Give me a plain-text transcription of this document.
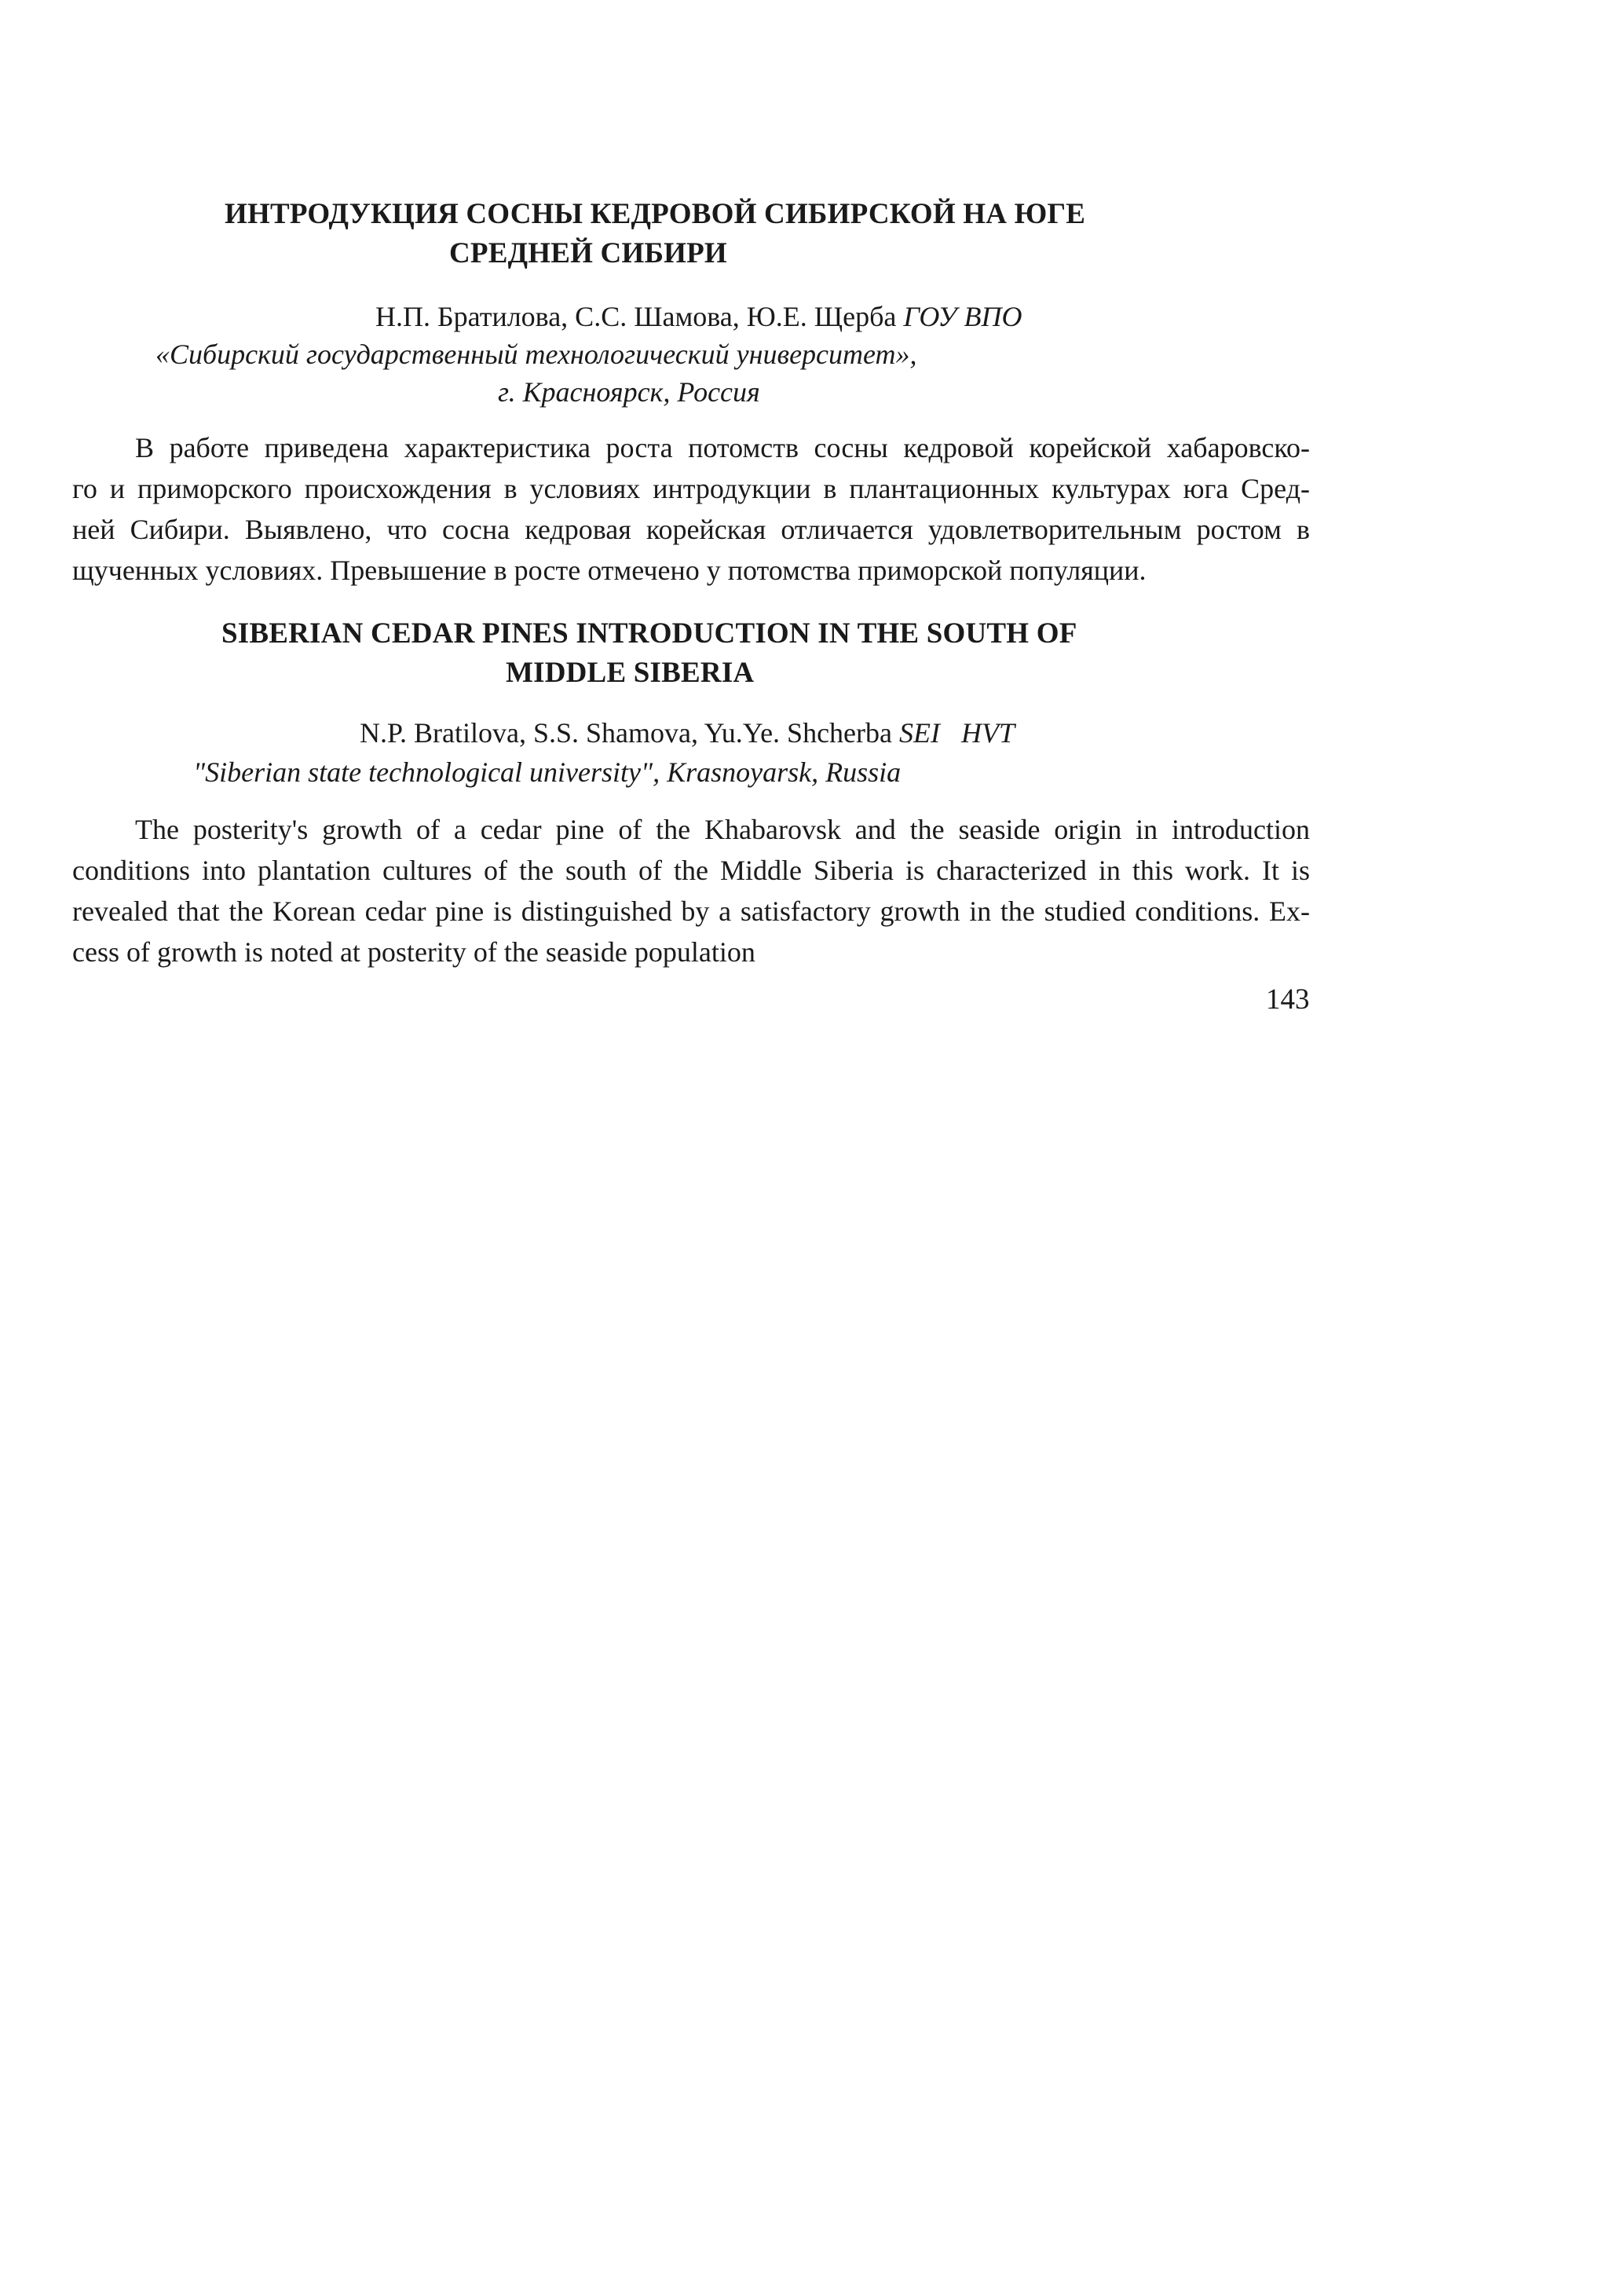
ИНТРОДУКЦИЯ СОСНЫ КЕДРОВОЙ СИБИРСКОЙ НА ЮГЕ
СРЕДНЕЙ СИБИРИ
Н.П. Братилова, С.С. Шамова, Ю.Е. Щерба ГОУ ВПО
«Сибирский государственный технологический университет»,
г. Красноярск, Россия
В работе приведена характеристика роста потомств сосны кедровой корейской хабаровско-
го и приморского происхождения в условиях интродукции в плантационных культурах юга Сред-
ней Сибири. Выявлено, что сосна кедровая корейская отличается удовлетворительным ростом в
щученных условиях. Превышение в росте отмечено у потомства приморской популяции.
SIBERIAN CEDAR PINES INTRODUCTION IN THE SOUTH OF
MIDDLE SIBERIA
N.P. Bratilova, S.S. Shamova, Yu.Ye. Shcherba SEI   HVT
"Siberian state technological university", Krasnoyarsk, Russia
The posterity's growth of a cedar pine of the Khabarovsk and the seaside origin in introduction
conditions into plantation cultures of the south of the Middle Siberia is characterized in this work. It is
revealed that the Korean cedar pine is distinguished by a satisfactory growth in the studied conditions. Ex-
cess of growth is noted at posterity of the seaside population
143
